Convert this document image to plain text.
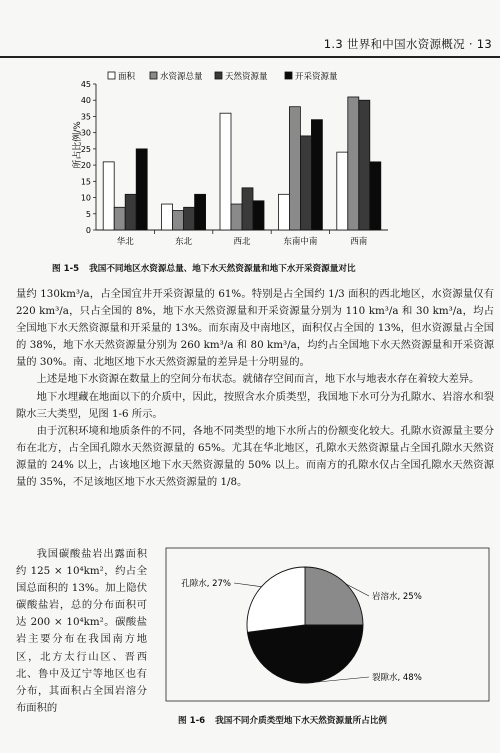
1.3 世界和中国水资源概况 · 13
面积	水资源总量	天然资源量	开采资源量
所占比例/%
0
5
10
15
20
25
30
35
40
45
华北	东北	西北	东南中南	西南
图 1-5 我国不同地区水资源总量、地下水天然资源量和地下水开采资源量对比

量约 130km³/a，占全国宜井开采资源量的 61%。特别是占全国约 1/3 面积的西北地区，水资源量仅有 220 km³/a，只占全国的 8%，地下水天然资源量和开采资源量分别为 110 km³/a 和 30 km³/a，均占全国地下水天然资源量和开采量的 13%。而东南及中南地区，面积仅占全国的 13%，但水资源量占全国的 38%，地下水天然资源量分别为 260 km³/a 和 80 km³/a，均约占全国地下水天然资源量和开采资源量的 30%。南、北地区地下水天然资源量的差异是十分明显的。

上述是地下水资源在数量上的空间分布状态。就储存空间而言，地下水与地表水存在着较大差异。

地下水埋藏在地面以下的介质中，因此，按照含水介质类型，我国地下水可分为孔隙水、岩溶水和裂隙水三大类型，见图 1-6 所示。

由于沉积环境和地质条件的不同，各地不同类型的地下水所占的份额变化较大。孔隙水资源量主要分布在北方，占全国孔隙水天然资源量的 65%。尤其在华北地区，孔隙水天然资源量占全国孔隙水天然资源量的 24% 以上，占该地区地下水天然资源量的 50% 以上。而南方的孔隙水仅占全国孔隙水天然资源量的 35%，不足该地区地下水天然资源量的 1/8。

我国碳酸盐岩出露面积约 125 × 10⁴km²，约占全国总面积的 13%。加上隐伏碳酸盐岩，总的分布面积可达 200 × 10⁴km²。碳酸盐岩主要分布在我国南方地区，北方太行山区、晋西北、鲁中及辽宁等地区也有分布，其面积占全国岩溶分布面积的

岩溶水, 25%
裂隙水, 48%
孔隙水, 27%
图 1-6 我国不同介质类型地下水天然资源量所占比例
